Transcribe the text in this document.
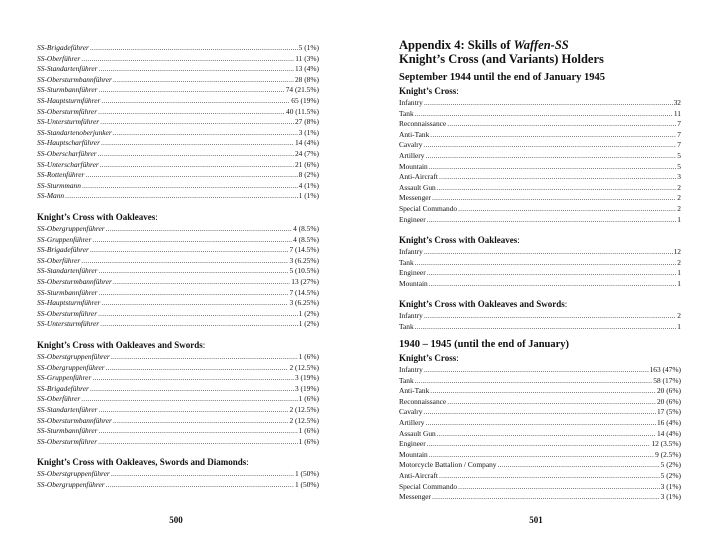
SS-Brigadeführer .....	5 (1%)
SS-Oberführer .....	11 (3%)
SS-Standartenführer .....	13 (4%)
SS-Obersturmbannführer .....	28 (8%)
SS-Sturmbannführer .....	74 (21.5%)
SS-Hauptsturmführer .....	65 (19%)
SS-Obersturmführer .....	40 (11.5%)
SS-Untersturmführer .....	27 (8%)
SS-Standartenoberjunker .....	3 (1%)
SS-Hauptscharführer .....	14 (4%)
SS-Oberscharführer .....	24 (7%)
SS-Unterscharführer .....	21 (6%)
SS-Rottenführer .....	8 (2%)
SS-Sturmmann .....	4 (1%)
SS-Mann .....	1 (1%)
Knight’s Cross with Oakleaves:
SS-Obergruppenführer .....	4 (8.5%)
SS-Gruppenführer .....	4 (8.5%)
SS-Brigadeführer .....	7 (14.5%)
SS-Oberführer .....	3 (6.25%)
SS-Standartenführer .....	5 (10.5%)
SS-Obersturmbannführer .....	13 (27%)
SS-Sturmbannführer .....	7 (14.5%)
SS-Hauptsturmführer .....	3 (6.25%)
SS-Obersturmführer .....	1 (2%)
SS-Untersturmführer .....	1 (2%)
Knight’s Cross with Oakleaves and Swords:
SS-Oberstgruppenführer .....	1 (6%)
SS-Obergruppenführer .....	2 (12.5%)
SS-Gruppenführer .....	3 (19%)
SS-Brigadeführer .....	3 (19%)
SS-Oberführer .....	1 (6%)
SS-Standartenführer .....	2 (12.5%)
SS-Obersturmbannführer .....	2 (12.5%)
SS-Sturmbannführer .....	1 (6%)
SS-Obersturmführer .....	1 (6%)
Knight’s Cross with Oakleaves, Swords and Diamonds:
SS-Oberstgruppenführer .....	1 (50%)
SS-Obergruppenführer .....	1 (50%)
500
Appendix 4: Skills of Waffen-SS
Knight’s Cross (and Variants) Holders
September 1944 until the end of January 1945
Knight’s Cross:
Infantry .....	32
Tank .....	11
Reconnaissance .....	7
Anti-Tank .....	7
Cavalry .....	7
Artillery .....	5
Mountain .....	5
Anti-Aircraft .....	3
Assault Gun .....	2
Messenger .....	2
Special Commando .....	2
Engineer .....	1
Knight’s Cross with Oakleaves:
Infantry .....	12
Tank .....	2
Engineer .....	1
Mountain .....	1
Knight’s Cross with Oakleaves and Swords:
Infantry .....	2
Tank .....	1
1940 – 1945 (until the end of January)
Knight’s Cross:
Infantry .....	163 (47%)
Tank .....	58 (17%)
Anti-Tank .....	20 (6%)
Reconnaissance .....	20 (6%)
Cavalry .....	17 (5%)
Artillery .....	16 (4%)
Assault Gun .....	14 (4%)
Engineer .....	12 (3.5%)
Mountain .....	9 (2.5%)
Motorcycle Battalion / Company .....	5 (2%)
Anti-Aircraft .....	5 (2%)
Special Commando .....	3 (1%)
Messenger .....	3 (1%)
501
